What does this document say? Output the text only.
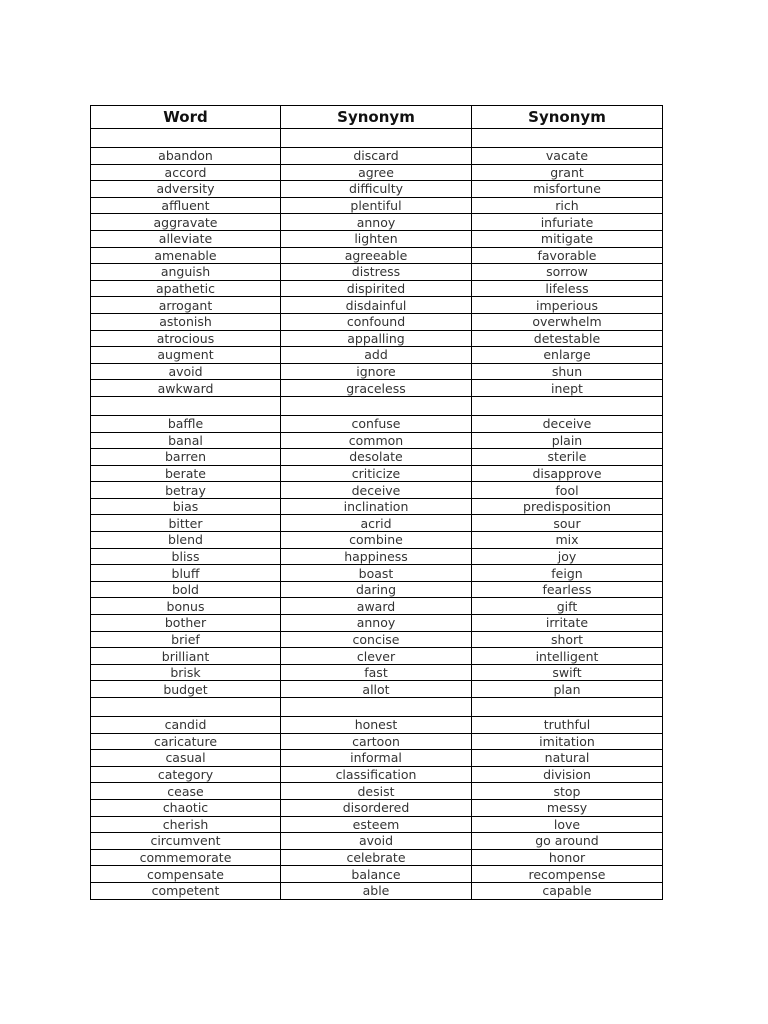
Word	Synonym	Synonym

abandon	discard	vacate
accord	agree	grant
adversity	difficulty	misfortune
affluent	plentiful	rich
aggravate	annoy	infuriate
alleviate	lighten	mitigate
amenable	agreeable	favorable
anguish	distress	sorrow
apathetic	dispirited	lifeless
arrogant	disdainful	imperious
astonish	confound	overwhelm
atrocious	appalling	detestable
augment	add	enlarge
avoid	ignore	shun
awkward	graceless	inept

baffle	confuse	deceive
banal	common	plain
barren	desolate	sterile
berate	criticize	disapprove
betray	deceive	fool
bias	inclination	predisposition
bitter	acrid	sour
blend	combine	mix
bliss	happiness	joy
bluff	boast	feign
bold	daring	fearless
bonus	award	gift
bother	annoy	irritate
brief	concise	short
brilliant	clever	intelligent
brisk	fast	swift
budget	allot	plan

candid	honest	truthful
caricature	cartoon	imitation
casual	informal	natural
category	classification	division
cease	desist	stop
chaotic	disordered	messy
cherish	esteem	love
circumvent	avoid	go around
commemorate	celebrate	honor
compensate	balance	recompense
competent	able	capable
